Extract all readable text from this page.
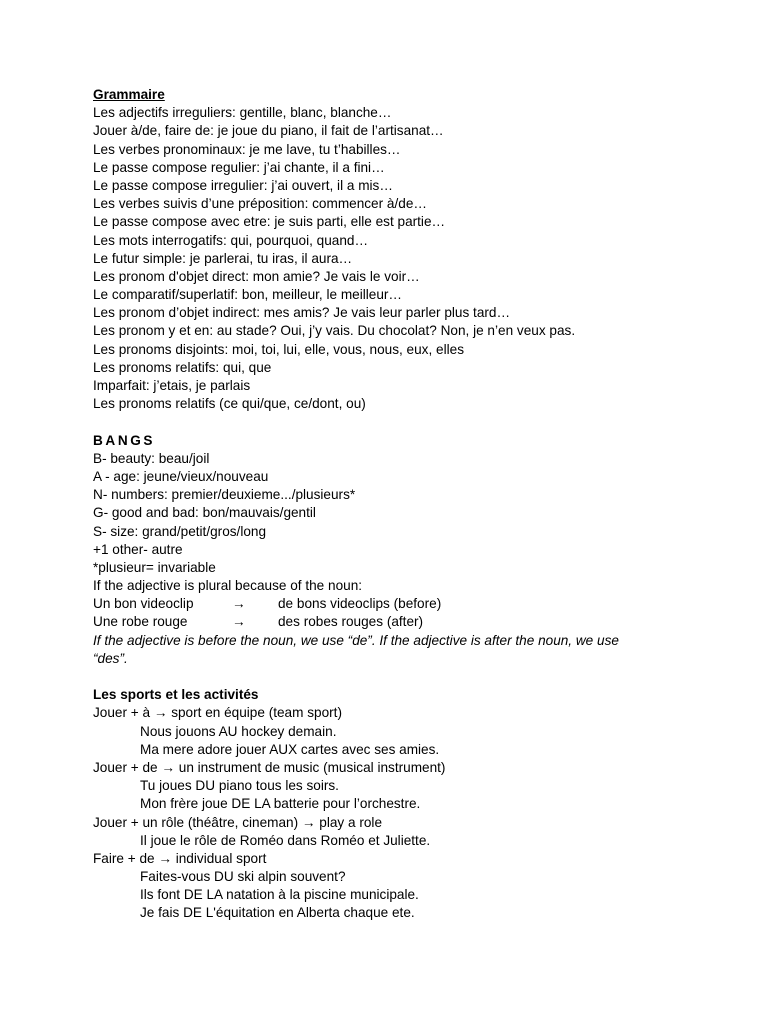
Grammaire
Les adjectifs irreguliers: gentille, blanc, blanche…
Jouer à/de, faire de: je joue du piano, il fait de l’artisanat…
Les verbes pronominaux: je me lave, tu t’habilles…
Le passe compose regulier: j’ai chante, il a fini…
Le passe compose irregulier: j’ai ouvert, il a mis…
Les verbes suivis d’une préposition: commencer à/de…
Le passe compose avec etre: je suis parti, elle est partie…
Les mots interrogatifs: qui, pourquoi, quand…
Le futur simple: je parlerai, tu iras, il aura…
Les pronom d'objet direct: mon amie? Je vais le voir…
Le comparatif/superlatif: bon, meilleur, le meilleur…
Les pronom d’objet indirect: mes amis? Je vais leur parler plus tard…
Les pronom y et en: au stade? Oui, j’y vais. Du chocolat? Non, je n’en veux pas.
Les pronoms disjoints: moi, toi, lui, elle, vous, nous, eux, elles
Les pronoms relatifs: qui, que
Imparfait: j’etais, je parlais
Les pronoms relatifs (ce qui/que, ce/dont, ou)
BANGS
B- beauty: beau/joil
A - age: jeune/vieux/nouveau
N- numbers: premier/deuxieme.../plusieurs*
G- good and bad: bon/mauvais/gentil
S- size: grand/petit/gros/long
+1 other- autre
*plusieur= invariable
If the adjective is plural because of the noun:
Un bon videoclip	→	de bons videoclips (before)
Une robe rouge	→	des robes rouges (after)
If the adjective is before the noun, we use “de”. If the adjective is after the noun, we use “des”.
Les sports et les activités
Jouer + à → sport en équipe (team sport)
Nous jouons AU hockey demain.
Ma mere adore jouer AUX cartes avec ses amies.
Jouer + de → un instrument de music (musical instrument)
Tu joues DU piano tous les soirs.
Mon frère joue DE LA batterie pour l’orchestre.
Jouer + un rôle (théâtre, cineman) → play a role
Il joue le rôle de Roméo dans Roméo et Juliette.
Faire + de → individual sport
Faites-vous DU ski alpin souvent?
Ils font DE LA natation à la piscine municipale.
Je fais DE L'équitation en Alberta chaque ete.
